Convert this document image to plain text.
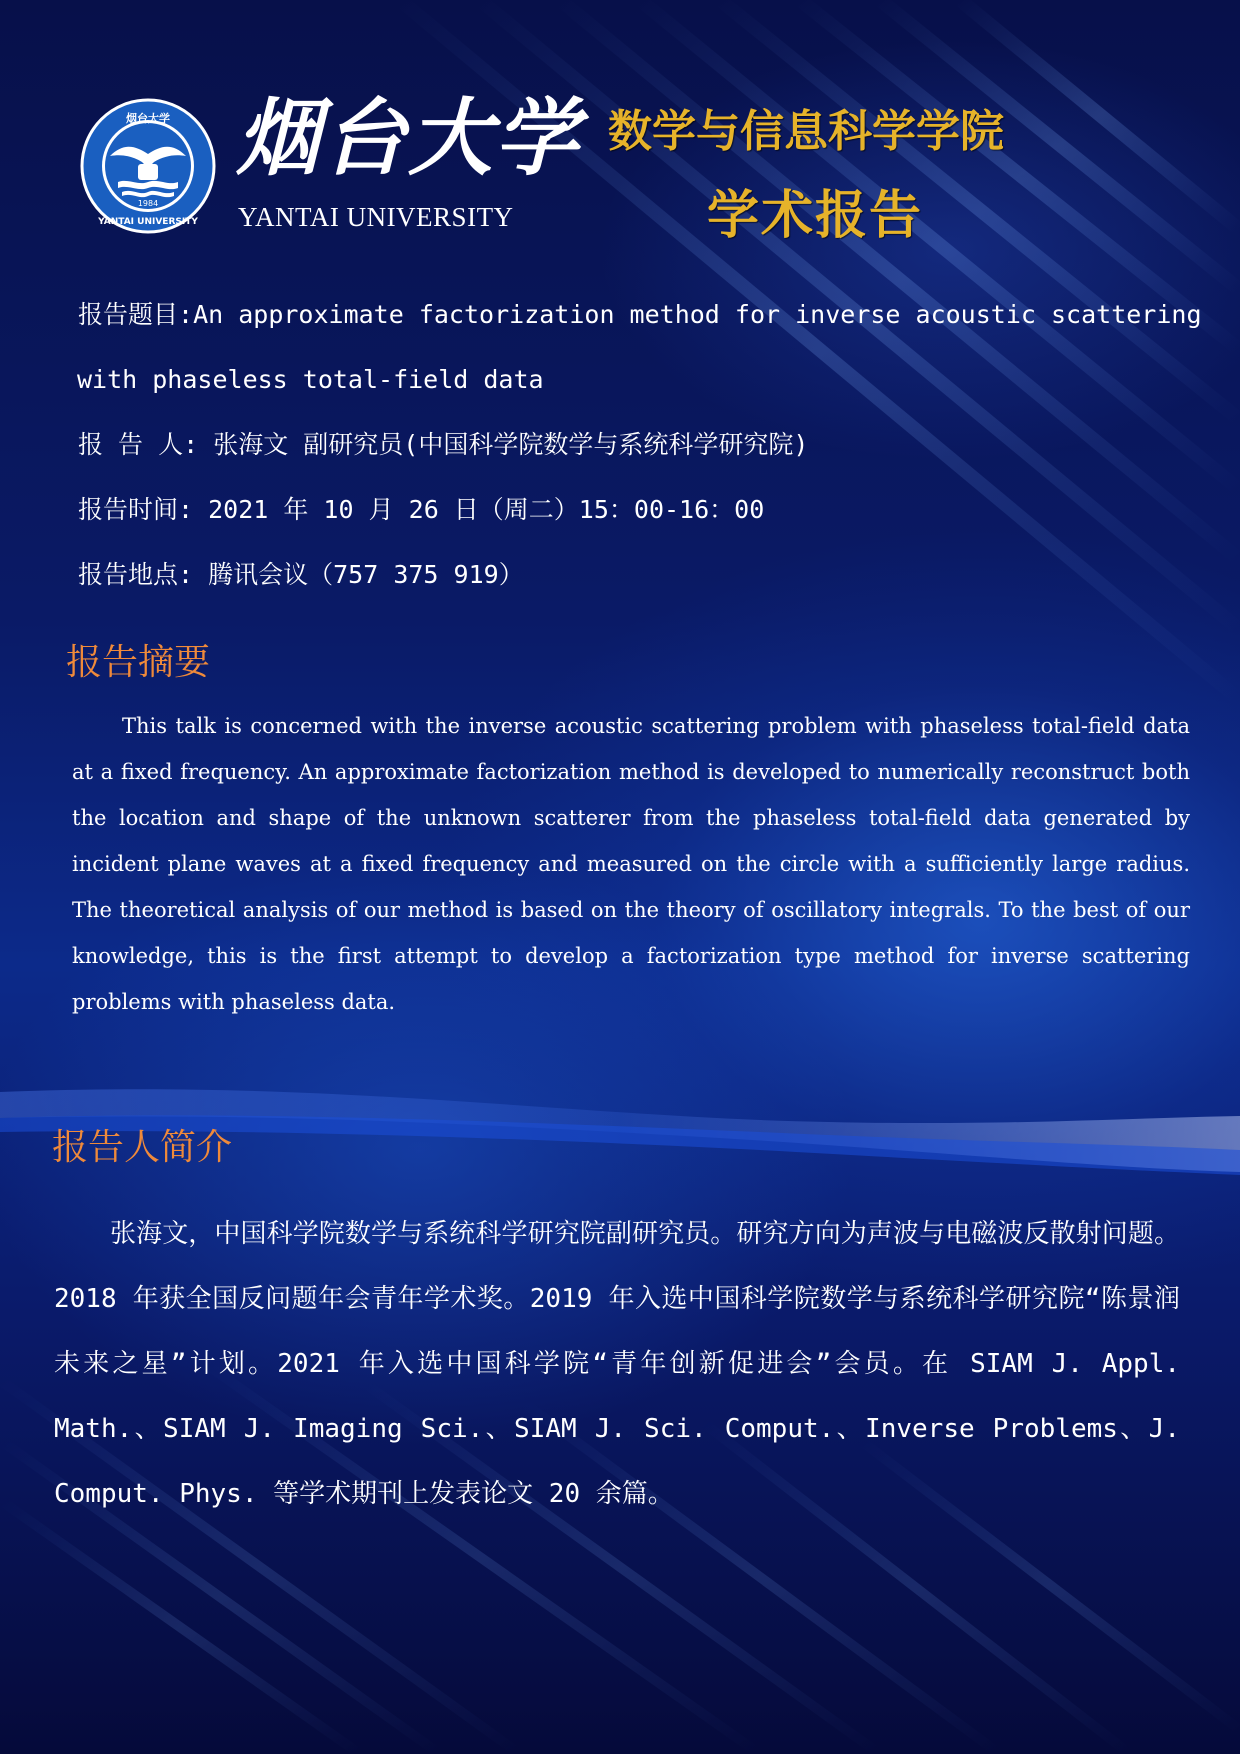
1984
烟台大学
YANTAI UNIVERSITY
烟台大学
YANTAI UNIVERSITY
数学与信息科学学院
学术报告
报告题目:An approximate factorization method for inverse acoustic scattering
with phaseless total-field data
报 告 人: 张海文 副研究员(中国科学院数学与系统科学研究院)
报告时间: 2021 年 10 月 26 日（周二）15：00-16：00
报告地点: 腾讯会议（757 375 919）
报告摘要
This talk is concerned with the inverse acoustic scattering problem with phaseless total-field data at a fixed frequency. An approximate factorization method is developed to numerically reconstruct both the location and shape of the unknown scatterer from the phaseless total-field data generated by incident plane waves at a fixed frequency and measured on the circle with a sufficiently large radius. The theoretical analysis of our method is based on the theory of oscillatory integrals. To the best of our knowledge, this is the first attempt to develop a factorization type method for inverse scattering problems with phaseless data.
报告人简介
张海文，中国科学院数学与系统科学研究院副研究员。研究方向为声波与电磁波反散射问题。2018 年获全国反问题年会青年学术奖。2019 年入选中国科学院数学与系统科学研究院“陈景润未来之星”计划。2021 年入选中国科学院“青年创新促进会”会员。在 SIAM J. Appl. Math.、SIAM J. Imaging Sci.、SIAM J. Sci. Comput.、Inverse Problems、J. Comput. Phys. 等学术期刊上发表论文 20 余篇。
